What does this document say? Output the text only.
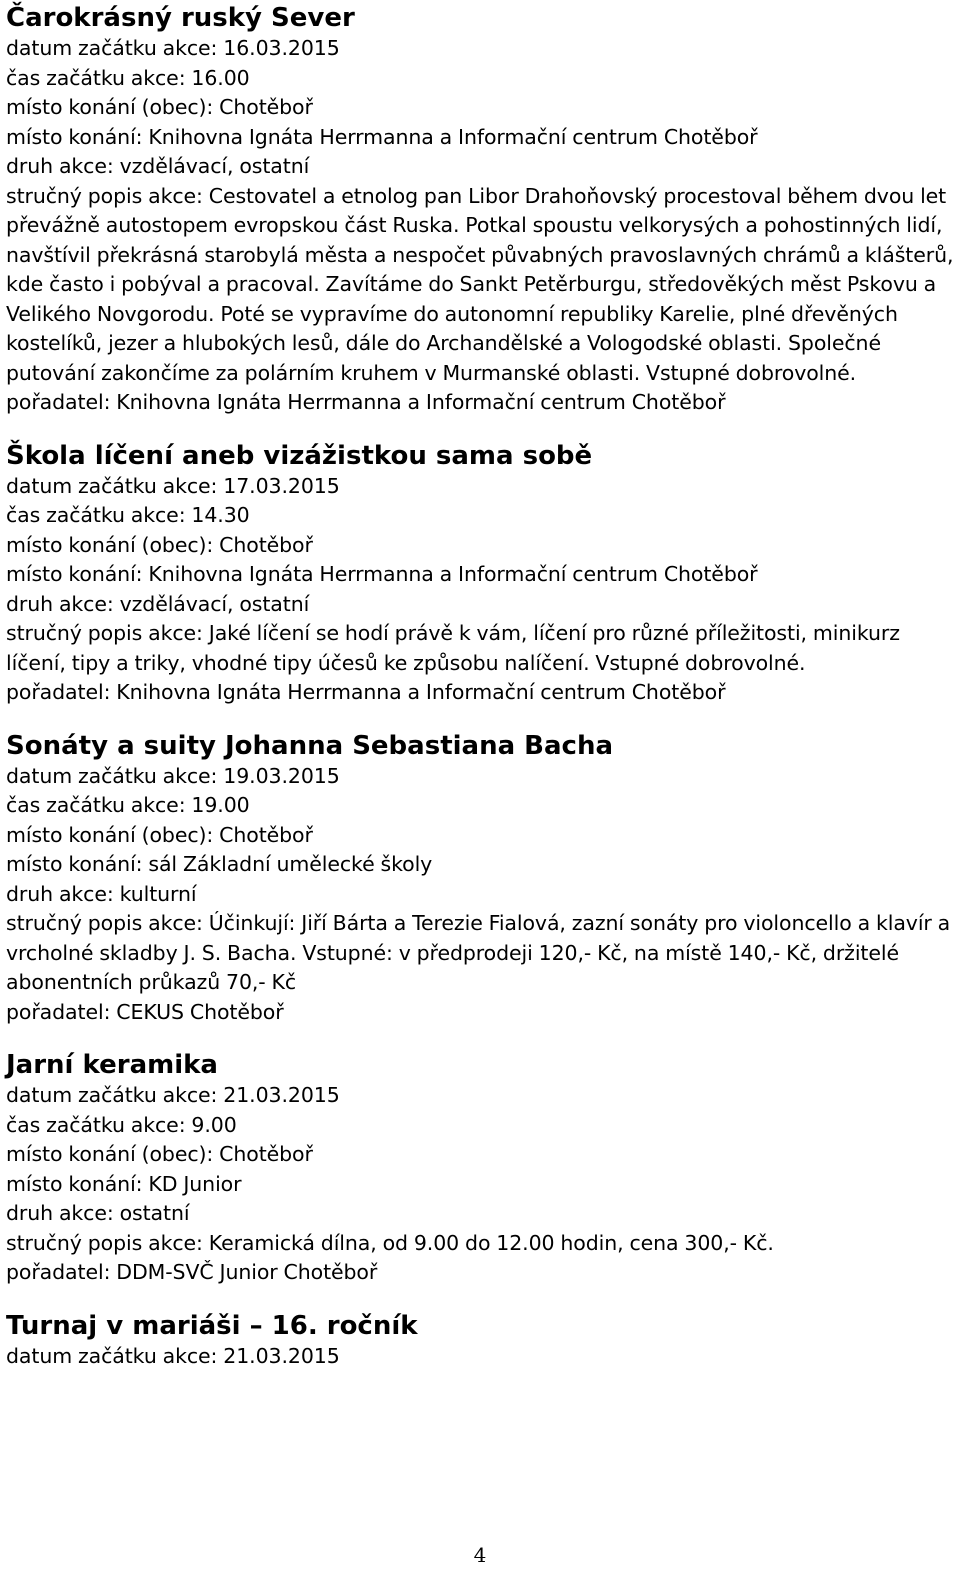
Čarokrásný ruský Sever

datum začátku akce: 16.03.2015

čas začátku akce: 16.00

místo konání (obec): Chotěboř

místo konání: Knihovna Ignáta Herrmanna a Informační centrum Chotěboř

druh akce: vzdělávací, ostatní

stručný popis akce: Cestovatel a etnolog pan Libor Drahoňovský procestoval během dvou let převážně autostopem evropskou část Ruska. Potkal spoustu velkorysých a pohostinných lidí, navštívil překrásná starobylá města a nespočet půvabných pravoslavných chrámů a klášterů, kde často i pobýval a pracoval. Zavítáme do Sankt Petěrburgu, středověkých měst Pskovu a Velikého Novgorodu. Poté se vypravíme do autonomní republiky Karelie, plné dřevěných kostelíků, jezer a hlubokých lesů, dále do Archandělské a Vologodské oblasti. Společné putování zakončíme za polárním kruhem v Murmanské oblasti. Vstupné dobrovolné.

pořadatel: Knihovna Ignáta Herrmanna a Informační centrum Chotěboř

Škola líčení aneb vizážistkou sama sobě

datum začátku akce: 17.03.2015

čas začátku akce: 14.30

místo konání (obec): Chotěboř

místo konání: Knihovna Ignáta Herrmanna a Informační centrum Chotěboř

druh akce: vzdělávací, ostatní

stručný popis akce: Jaké líčení se hodí právě k vám, líčení pro různé příležitosti, minikurz líčení, tipy a triky, vhodné tipy účesů ke způsobu nalíčení. Vstupné dobrovolné.

pořadatel: Knihovna Ignáta Herrmanna a Informační centrum Chotěboř

Sonáty a suity Johanna Sebastiana Bacha

datum začátku akce: 19.03.2015

čas začátku akce: 19.00

místo konání (obec): Chotěboř

místo konání: sál Základní umělecké školy

druh akce: kulturní

stručný popis akce: Účinkují: Jiří Bárta a Terezie Fialová, zazní sonáty pro violoncello a klavír a vrcholné skladby J. S. Bacha. Vstupné: v předprodeji 120,- Kč, na místě 140,- Kč, držitelé abonentních průkazů 70,- Kč

pořadatel: CEKUS Chotěboř

Jarní keramika

datum začátku akce: 21.03.2015

čas začátku akce: 9.00

místo konání (obec): Chotěboř

místo konání: KD Junior

druh akce: ostatní

stručný popis akce: Keramická dílna, od 9.00 do 12.00 hodin, cena 300,- Kč.

pořadatel: DDM-SVČ Junior Chotěboř

Turnaj v mariáši – 16. ročník

datum začátku akce: 21.03.2015

4
